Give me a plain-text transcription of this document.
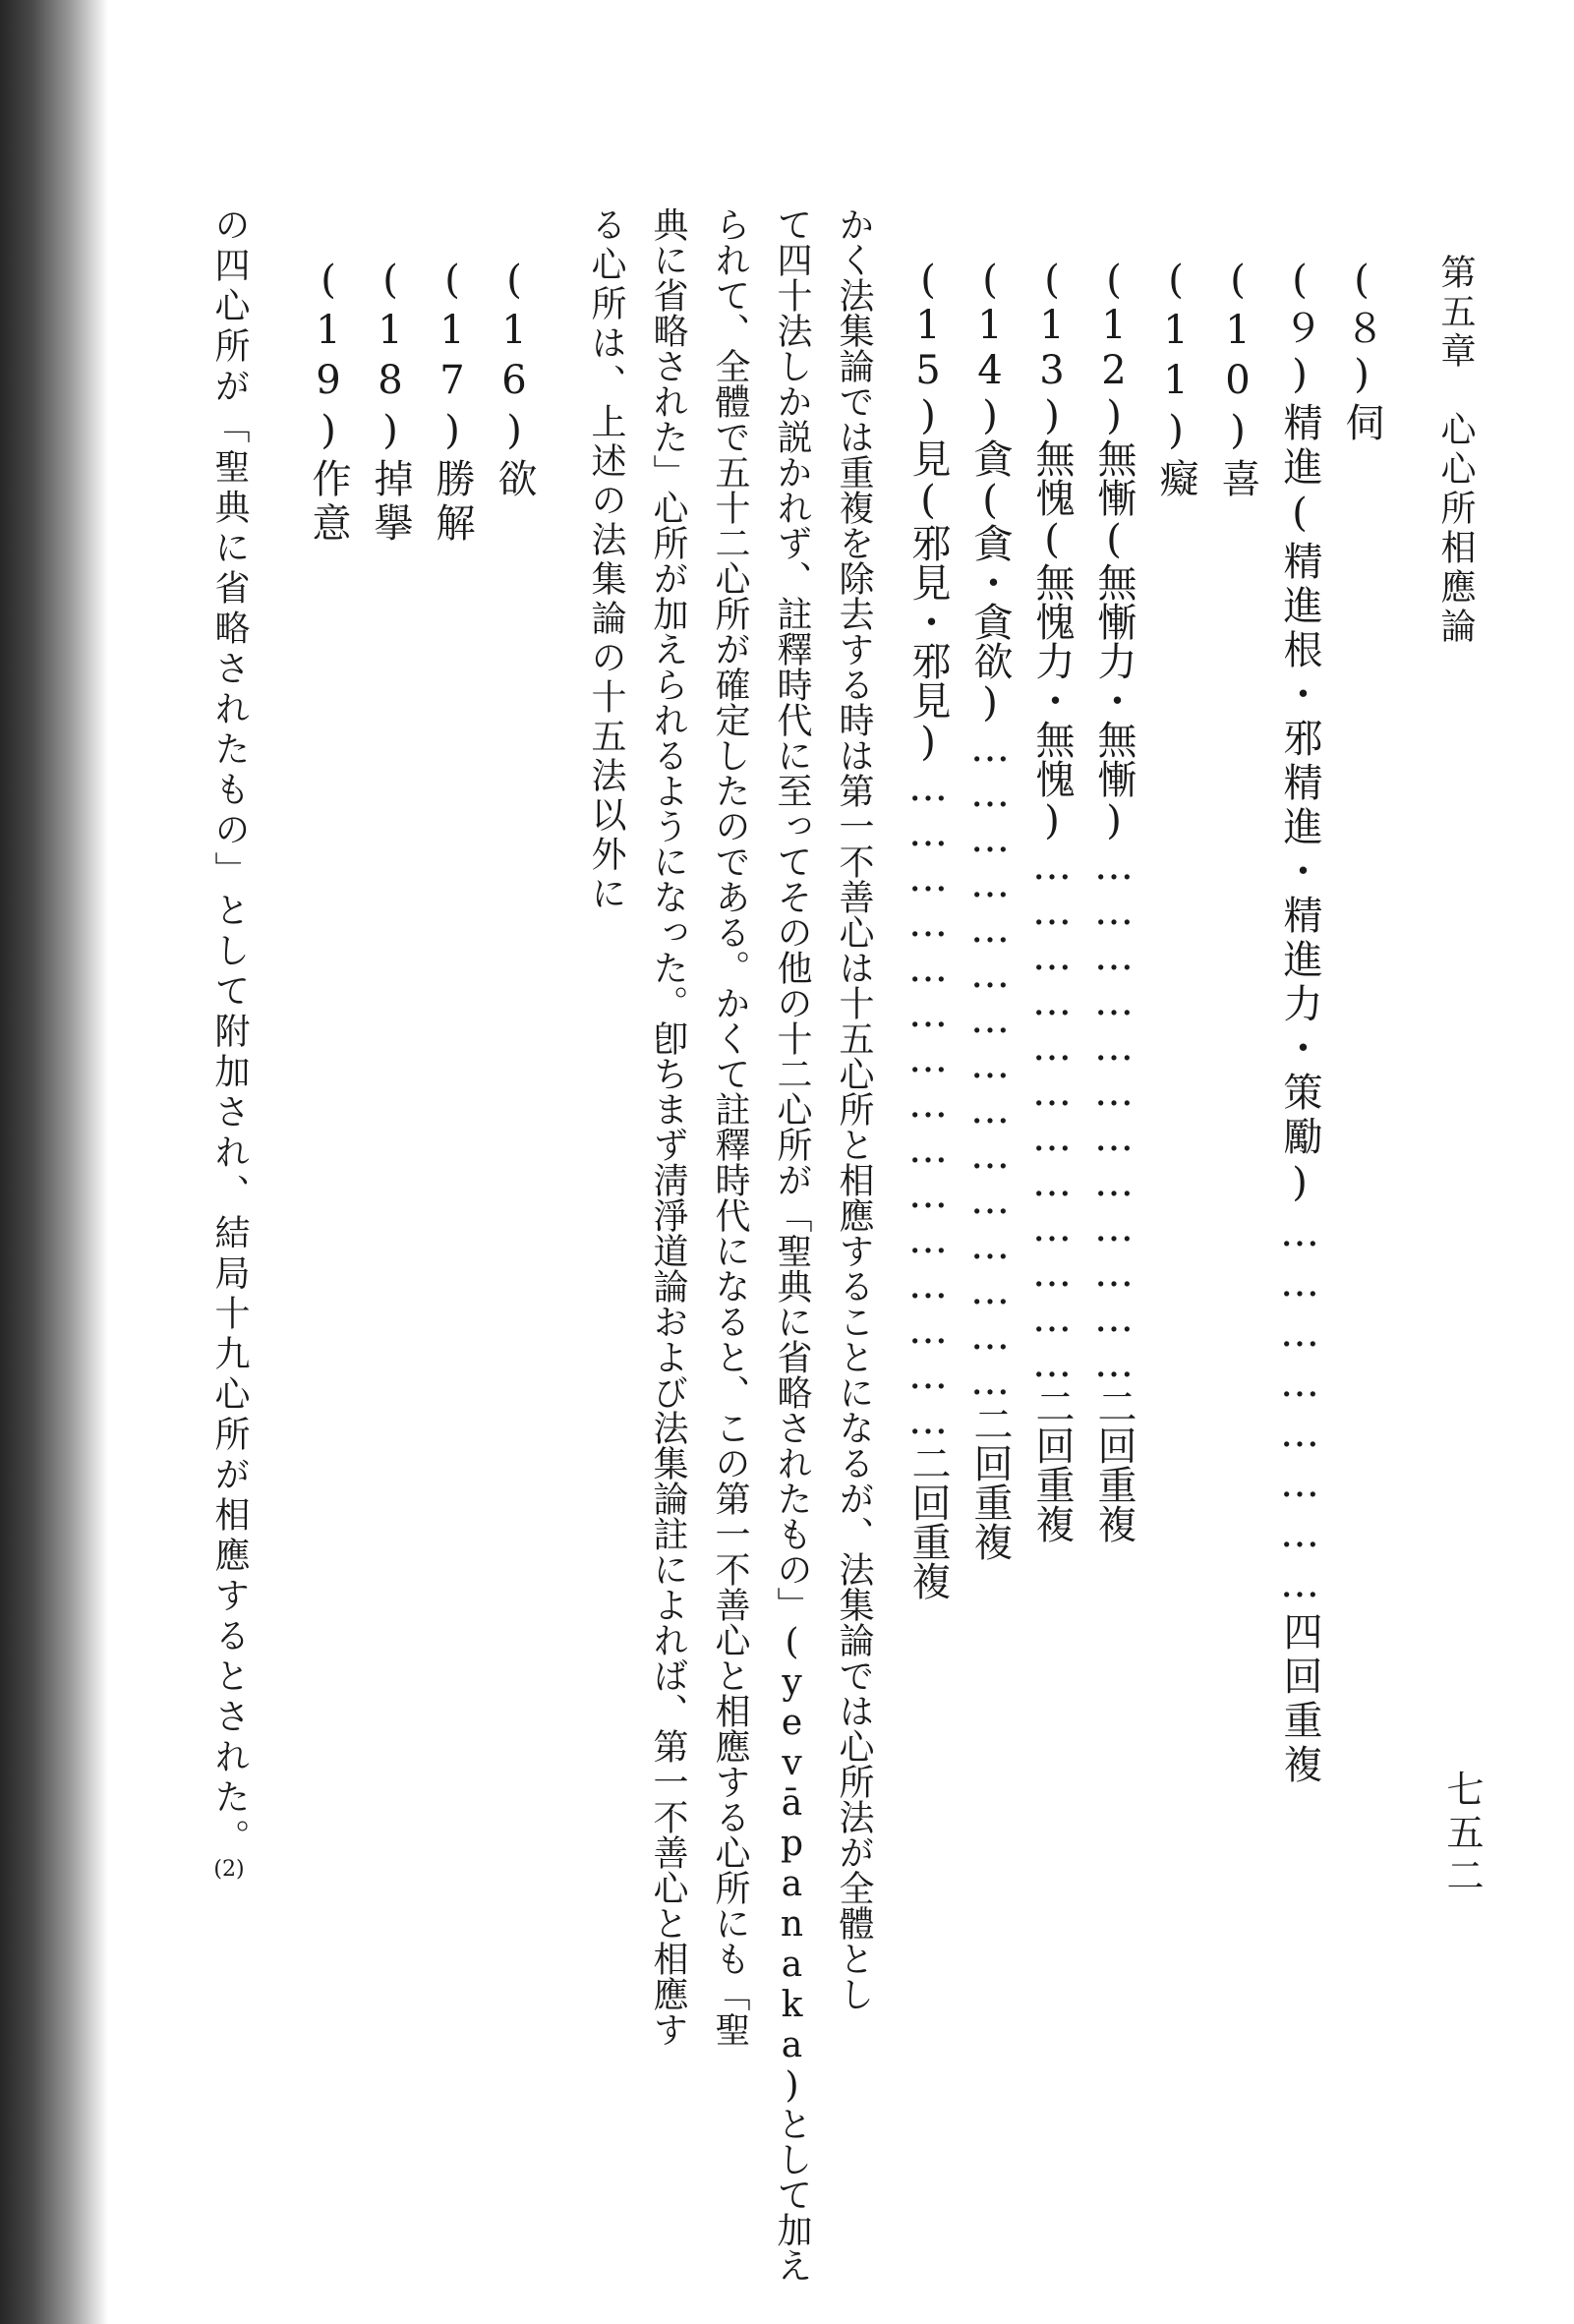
第五章　心心所相應論
(８)伺
(９)精進(精進根・邪精進・精進力・策勵)……………………四回重複
(10)喜
(11)癡
(12)無慚(無慚力・無慚)………………………………二回重複
(13)無愧(無愧力・無愧)………………………………二回重複
(14)貪(貪・貪欲)………………………………………二回重複
(15)見(邪見・邪見)………………………………………二回重複
かく法集論では重複を除去する時は第一不善心は十五心所と相應することになるが、法集論では心所法が全體とし
て四十法しか説かれず、註釋時代に至ってその他の十二心所が「聖典に省略されたもの」(yevāpanaka)として加え
られて、全體で五十二心所が確定したのである。かくて註釋時代になると、この第一不善心と相應する心所にも「聖
典に省略された」心所が加えられるようになった。卽ちまず淸淨道論および法集論註によれば、第一不善心と相應す
る心所は、上述の法集論の十五法以外に
(16)欲
(17)勝解
(18)掉擧
(19)作意
の四心所が「聖典に省略されたもの」として附加され、結局十九心所が相應するとされた。(2)	七五二
